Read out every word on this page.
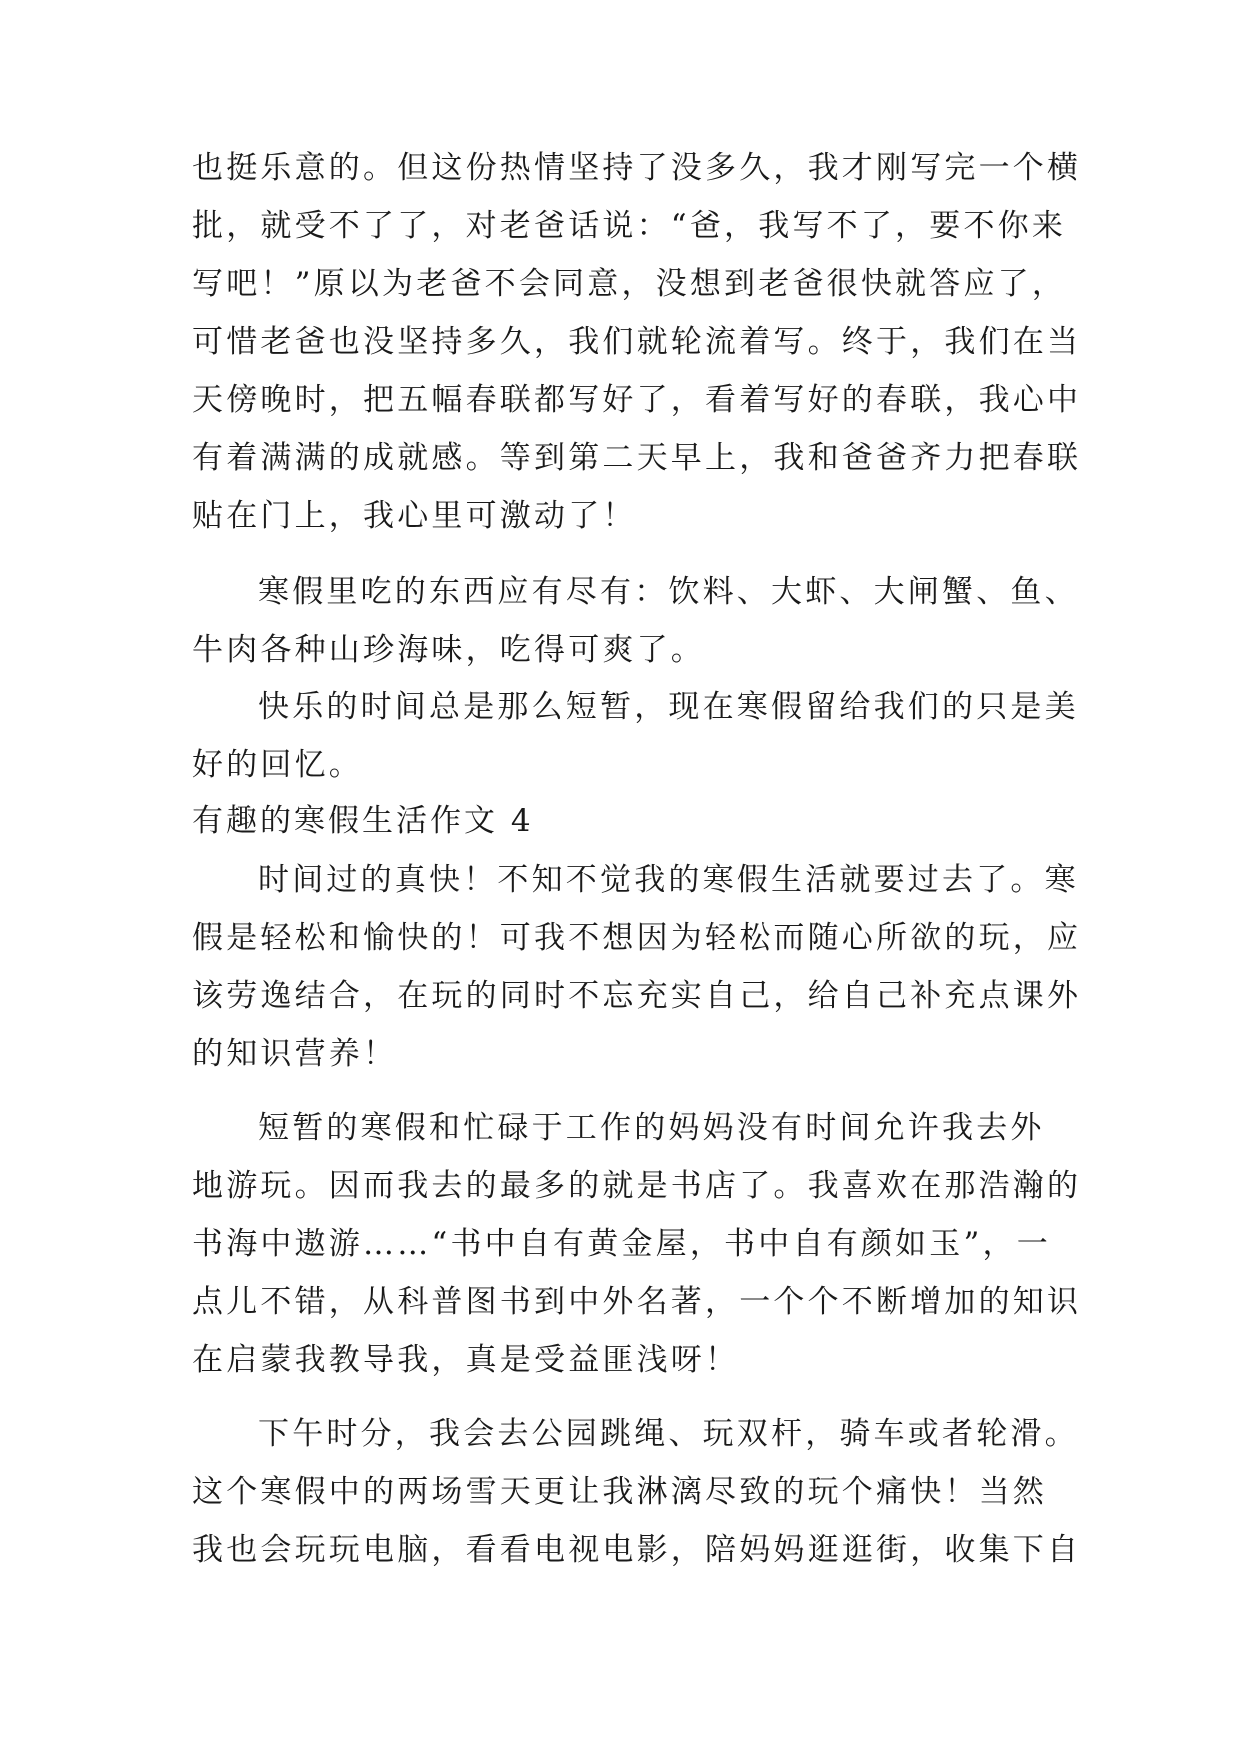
也挺乐意的。但这份热情坚持了没多久，我才刚写完一个横
批，就受不了了，对老爸话说：“爸，我写不了，要不你来
写吧！”原以为老爸不会同意，没想到老爸很快就答应了，
可惜老爸也没坚持多久，我们就轮流着写。终于，我们在当
天傍晚时，把五幅春联都写好了，看着写好的春联，我心中
有着满满的成就感。等到第二天早上，我和爸爸齐力把春联
贴在门上，我心里可激动了！
寒假里吃的东西应有尽有：饮料、大虾、大闸蟹、鱼、
牛肉各种山珍海味，吃得可爽了。
快乐的时间总是那么短暂，现在寒假留给我们的只是美
好的回忆。
有趣的寒假生活作文 4
时间过的真快！不知不觉我的寒假生活就要过去了。寒
假是轻松和愉快的！可我不想因为轻松而随心所欲的玩，应
该劳逸结合，在玩的同时不忘充实自己，给自己补充点课外
的知识营养！
短暂的寒假和忙碌于工作的妈妈没有时间允许我去外
地游玩。因而我去的最多的就是书店了。我喜欢在那浩瀚的
书海中遨游……“书中自有黄金屋，书中自有颜如玉”，一
点儿不错，从科普图书到中外名著，一个个不断增加的知识
在启蒙我教导我，真是受益匪浅呀！
下午时分，我会去公园跳绳、玩双杆，骑车或者轮滑。
这个寒假中的两场雪天更让我淋漓尽致的玩个痛快！当然
我也会玩玩电脑，看看电视电影，陪妈妈逛逛街，收集下自
